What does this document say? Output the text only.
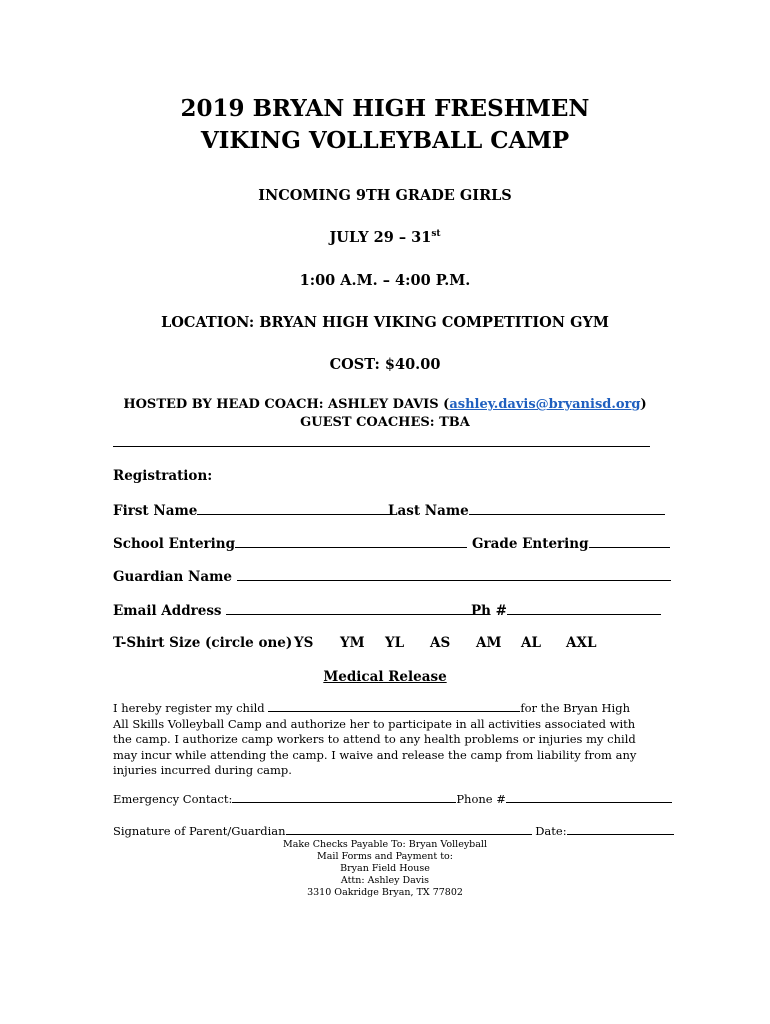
2019 BRYAN HIGH FRESHMEN
VIKING VOLLEYBALL CAMP
INCOMING 9TH GRADE GIRLS
JULY 29 – 31st
1:00 A.M. – 4:00 P.M.
LOCATION: BRYAN HIGH VIKING COMPETITION GYM
COST: $40.00
HOSTED BY HEAD COACH: ASHLEY DAVIS (ashley.davis@bryanisd.org)
GUEST COACHES: TBA
Registration:
First Name	Last Name
School Entering	Grade Entering
Guardian Name
Email Address	Ph #
T-Shirt Size (circle one) YS YM YL AS AM AL AXL
Medical Release
I hereby register my child	for the Bryan High All Skills Volleyball Camp and authorize her to participate in all activities associated with the camp. I authorize camp workers to attend to any health problems or injuries my child may incur while attending the camp. I waive and release the camp from liability from any injuries incurred during camp.
Emergency Contact:	Phone #
Signature of Parent/Guardian	Date:
Make Checks Payable To: Bryan Volleyball
Mail Forms and Payment to:
Bryan Field House
Attn: Ashley Davis
3310 Oakridge Bryan, TX 77802
